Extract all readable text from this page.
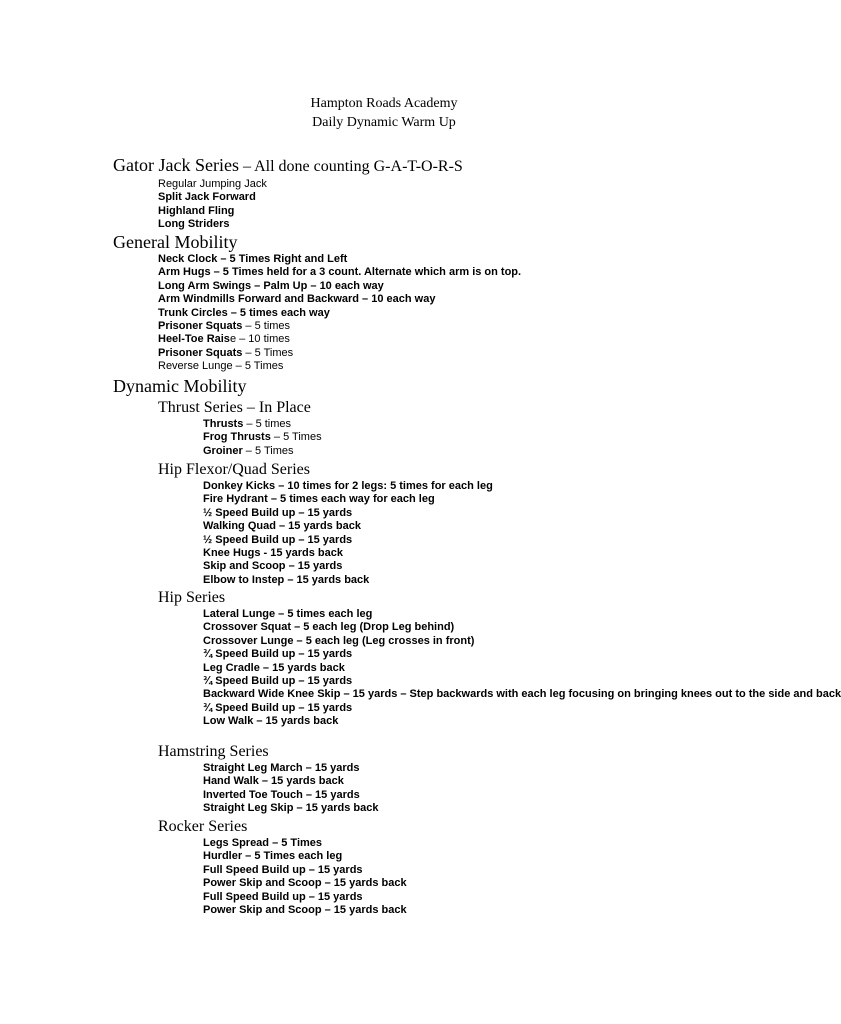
Hampton Roads Academy
Daily Dynamic Warm Up
Gator Jack Series – All done counting G-A-T-O-R-S
Regular Jumping Jack
Split Jack Forward
Highland Fling
Long Striders
General Mobility
Neck Clock – 5 Times Right and Left
Arm Hugs – 5 Times held for a 3 count. Alternate which arm is on top.
Long Arm Swings – Palm Up – 10 each way
Arm Windmills Forward and Backward – 10 each way
Trunk Circles – 5 times each way
Prisoner Squats – 5 times
Heel-Toe Raise – 10 times
Prisoner Squats – 5 Times
Reverse Lunge – 5 Times
Dynamic Mobility
Thrust Series – In Place
Thrusts – 5 times
Frog Thrusts – 5 Times
Groiner – 5 Times
Hip Flexor/Quad Series
Donkey Kicks – 10 times for 2 legs: 5 times for each leg
Fire Hydrant – 5 times each way for each leg
½ Speed Build up – 15 yards
Walking Quad – 15 yards back
½ Speed Build up – 15 yards
Knee Hugs - 15 yards back
Skip and Scoop – 15 yards
Elbow to Instep – 15 yards back
Hip Series
Lateral Lunge – 5 times each leg
Crossover Squat – 5 each leg (Drop Leg behind)
Crossover Lunge – 5 each leg (Leg crosses in front)
¾ Speed Build up – 15 yards
Leg Cradle – 15 yards back
¾ Speed Build up – 15 yards
Backward Wide Knee Skip – 15 yards – Step backwards with each leg focusing on bringing knees out to the side and back
¾ Speed Build up – 15 yards
Low Walk – 15 yards back
Hamstring Series
Straight Leg March – 15 yards
Hand Walk – 15 yards back
Inverted Toe Touch – 15 yards
Straight Leg Skip – 15 yards back
Rocker Series
Legs Spread – 5 Times
Hurdler – 5 Times each leg
Full Speed Build up – 15 yards
Power Skip and Scoop – 15 yards back
Full Speed Build up – 15 yards
Power Skip and Scoop – 15 yards back
